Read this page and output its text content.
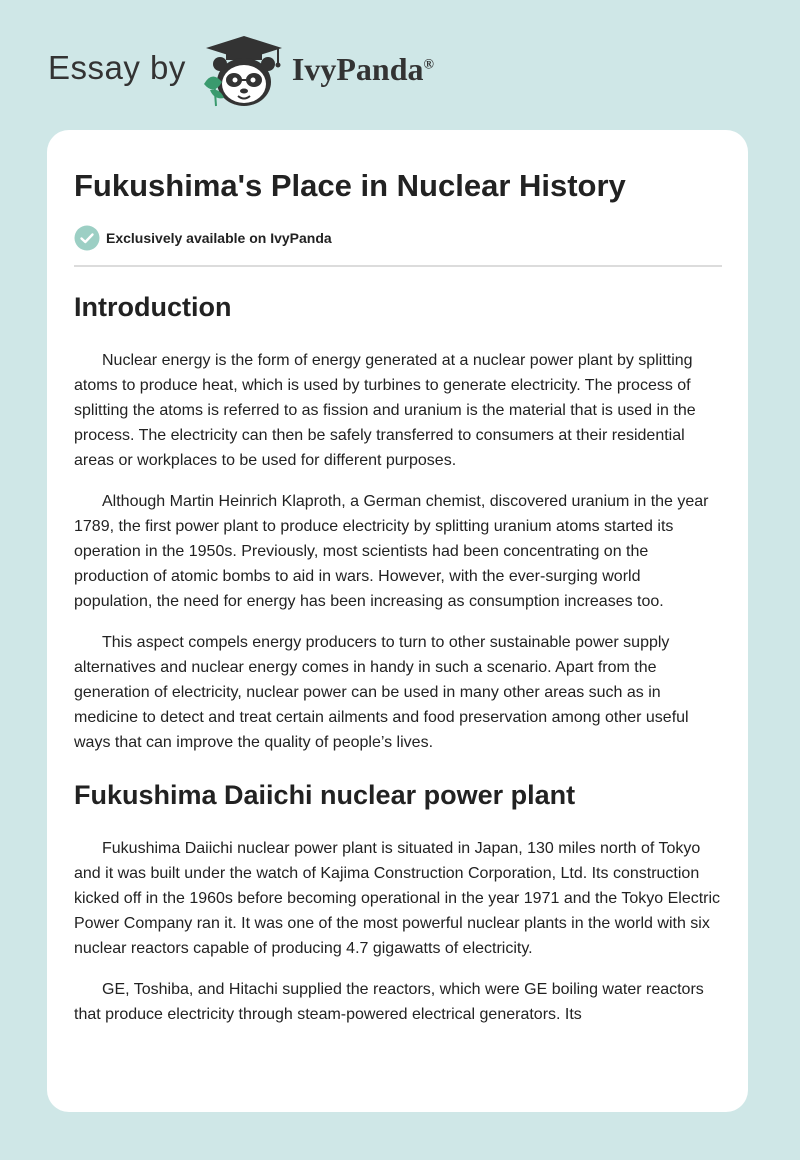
Essay by	IvyPanda®
Fukushima's Place in Nuclear History
Exclusively available on IvyPanda
Introduction

Nuclear energy is the form of energy generated at a nuclear power plant by splitting atoms to produce heat, which is used by turbines to generate electricity. The process of splitting the atoms is referred to as fission and uranium is the material that is used in the process. The electricity can then be safely transferred to consumers at their residential areas or workplaces to be used for different purposes.

Although Martin Heinrich Klaproth, a German chemist, discovered uranium in the year 1789, the first power plant to produce electricity by splitting uranium atoms started its operation in the 1950s. Previously, most scientists had been concentrating on the production of atomic bombs to aid in wars. However, with the ever-surging world population, the need for energy has been increasing as consumption increases too.

This aspect compels energy producers to turn to other sustainable power supply alternatives and nuclear energy comes in handy in such a scenario. Apart from the generation of electricity, nuclear power can be used in many other areas such as in medicine to detect and treat certain ailments and food preservation among other useful ways that can improve the quality of people’s lives.

Fukushima Daiichi nuclear power plant

Fukushima Daiichi nuclear power plant is situated in Japan, 130 miles north of Tokyo and it was built under the watch of Kajima Construction Corporation, Ltd. Its construction kicked off in the 1960s before becoming operational in the year 1971 and the Tokyo Electric Power Company ran it. It was one of the most powerful nuclear plants in the world with six nuclear reactors capable of producing 4.7 gigawatts of electricity.

GE, Toshiba, and Hitachi supplied the reactors, which were GE boiling water reactors that produce electricity through steam-powered electrical generators. Its
